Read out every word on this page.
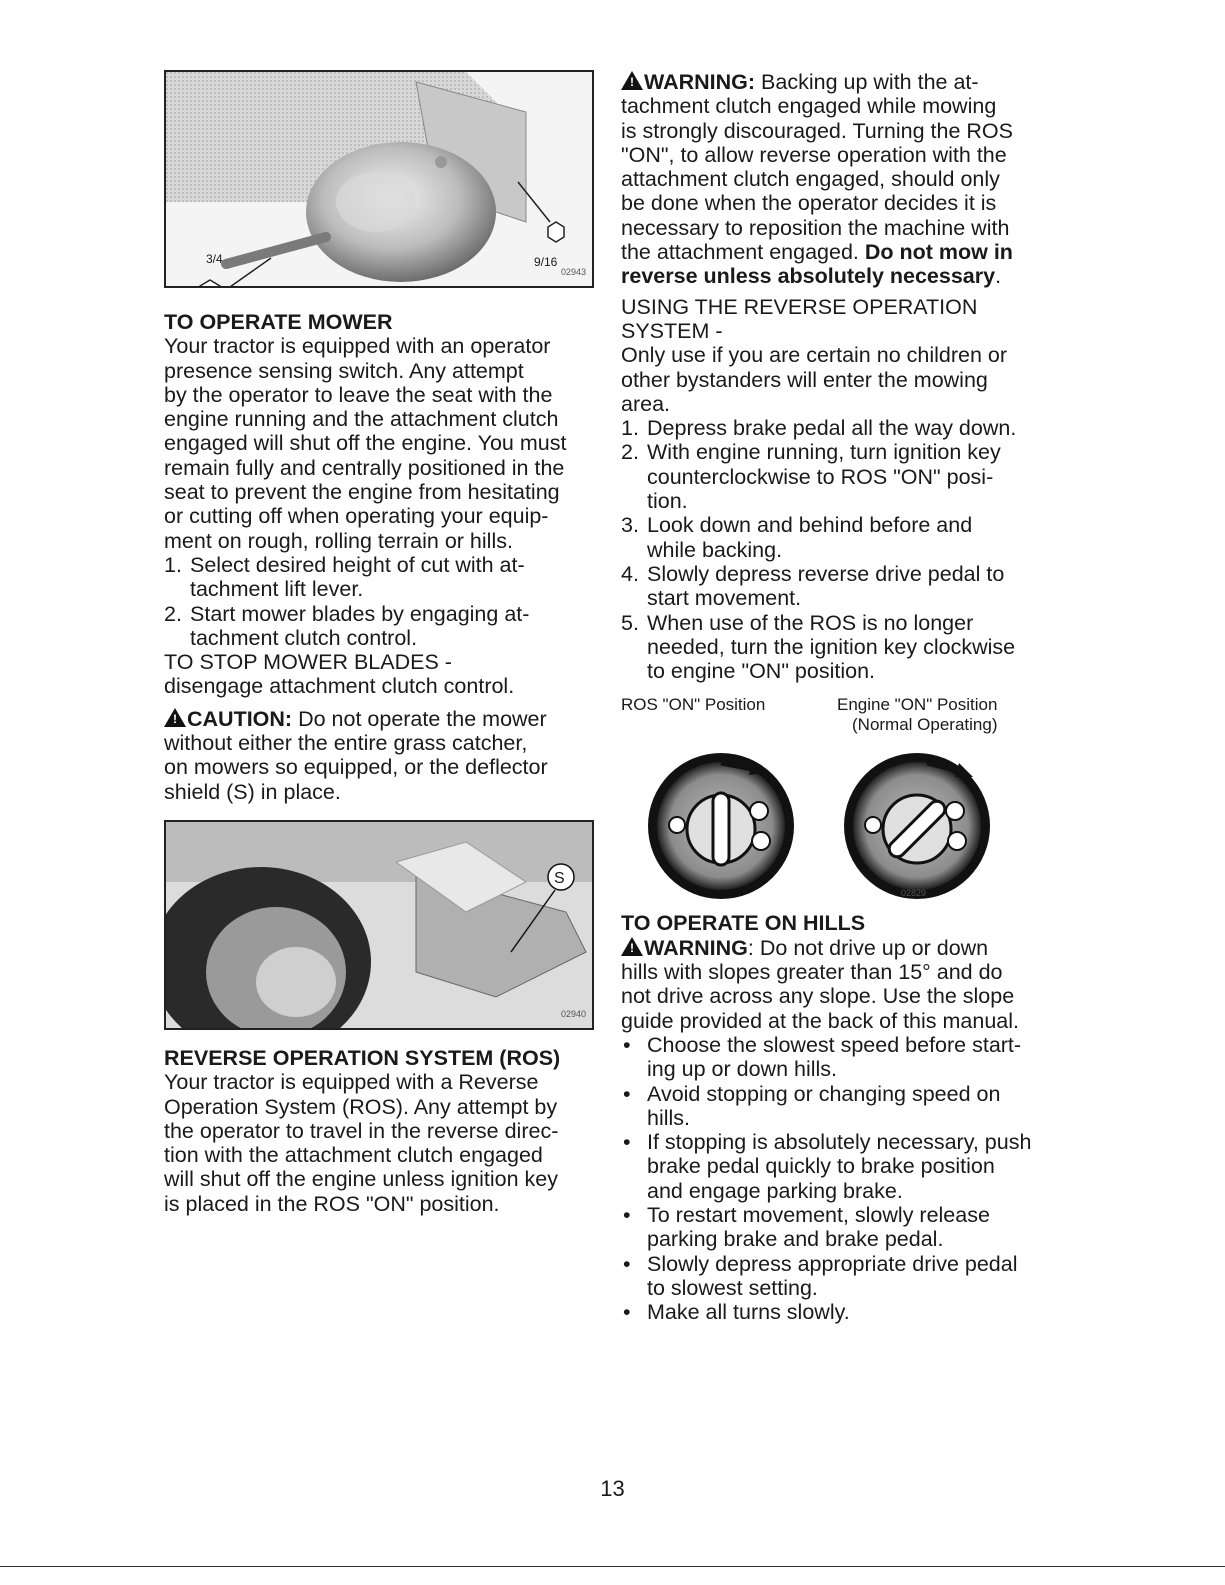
9/16
3/4
02943

TO OPERATE MOWER

Your tractor is equipped with an operator

presence sensing switch. Any attempt

by the operator to leave the seat with the

engine running and the attachment clutch

engaged will shut off the engine. You must

remain fully and centrally positioned in the

seat to prevent the engine from hesitating

or cutting off when operating your equip-

ment on rough, rolling terrain or hills.

1. Select desired height of cut with at-
tachment lift lever.
2. Start mower blades by engaging at-
tachment clutch control.

TO STOP MOWER BLADES -

disengage attachment clutch control.

! CAUTION: Do not operate the mower

without either the entire grass catcher,

on mowers so equipped, or the deflector

shield (S) in place.

S
02940

REVERSE OPERATION SYSTEM (ROS)

Your tractor is equipped with a Reverse

Operation System (ROS). Any attempt by

the operator to travel in the reverse direc-

tion with the attachment clutch engaged

will shut off the engine unless ignition key

is placed in the ROS "ON" position.

! WARNING: Backing up with the at-

tachment clutch engaged while mowing

is strongly discouraged. Turning the ROS

"ON", to allow reverse operation with the

attachment clutch engaged, should only

be done when the operator decides it is

necessary to reposition the machine with

the attachment engaged. Do not mow in

reverse unless absolutely necessary.

USING THE REVERSE OPERATION

SYSTEM -

Only use if you are certain no children or

other bystanders will enter the mowing

area.

1. Depress brake pedal all the way down.
2. With engine running, turn ignition key
counterclockwise to ROS "ON" posi-
tion.
3. Look down and behind before and
while backing.
4. Slowly depress reverse drive pedal to
start movement.
5. When use of the ROS is no longer
needed, turn the ignition key clockwise
to engine "ON" position.
ROS "ON" Position	Engine "ON" Position
(Normal Operating)
02829

TO OPERATE ON HILLS

! WARNING: Do not drive up or down

hills with slopes greater than 15° and do

not drive across any slope. Use the slope

guide provided at the back of this manual.

• Choose the slowest speed before start-
ing up or down hills.
• Avoid stopping or changing speed on
hills.
• If stopping is absolutely necessary, push
brake pedal quickly to brake position
and engage parking brake.
• To restart movement, slowly release
parking brake and brake pedal.
• Slowly depress appropriate drive pedal
to slowest setting.
• Make all turns slowly.
13
